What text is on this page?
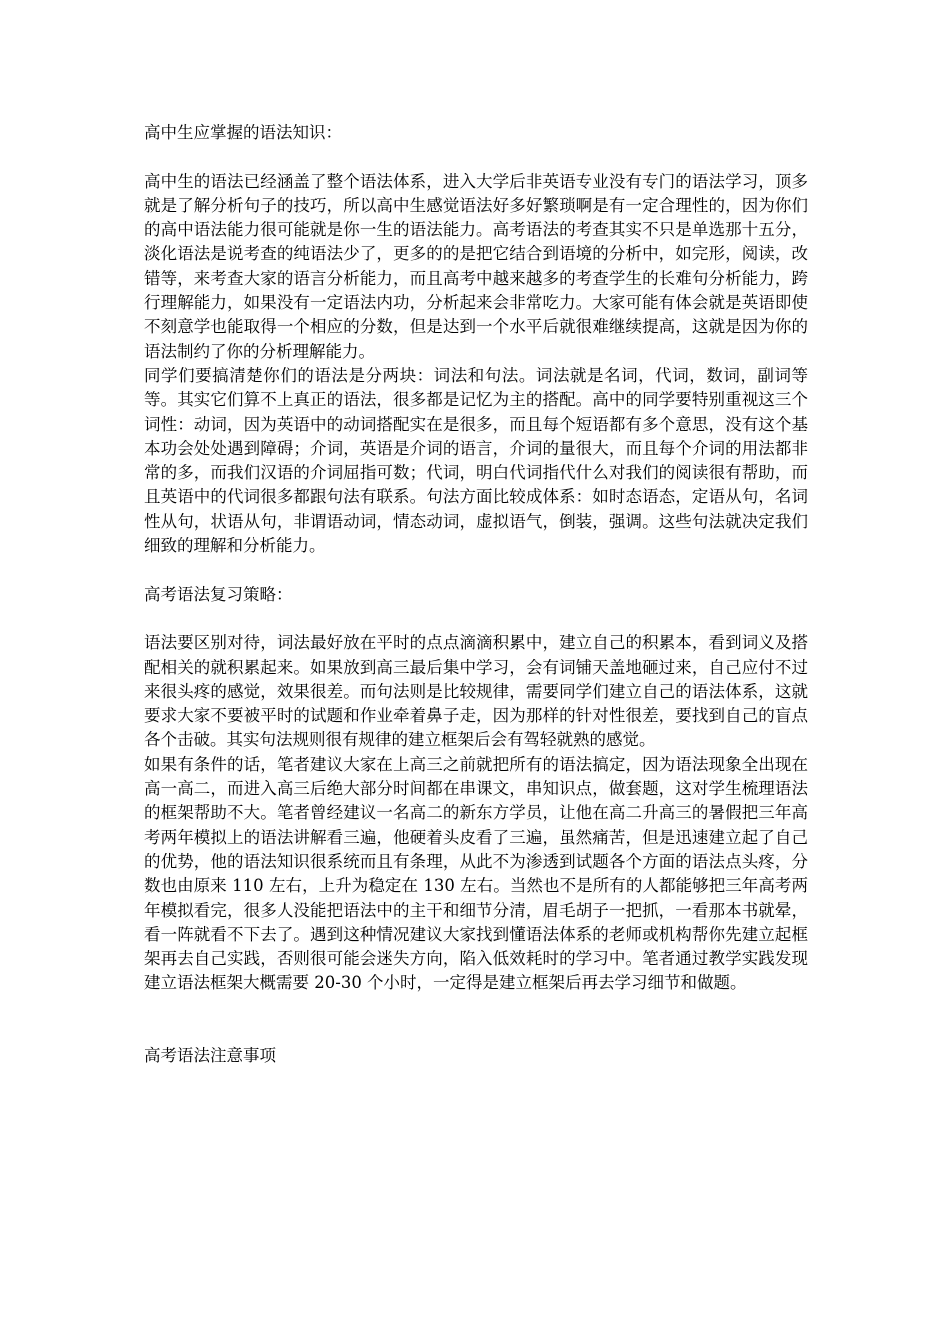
高中生应掌握的语法知识：

高中生的语法已经涵盖了整个语法体系，进入大学后非英语专业没有专门的语法学习，顶多就是了解分析句子的技巧，所以高中生感觉语法好多好繁琐啊是有一定合理性的，因为你们的高中语法能力很可能就是你一生的语法能力。高考语法的考查其实不只是单选那十五分，淡化语法是说考查的纯语法少了，更多的的是把它结合到语境的分析中，如完形，阅读，改错等，来考查大家的语言分析能力，而且高考中越来越多的考查学生的长难句分析能力，跨行理解能力，如果没有一定语法内功，分析起来会非常吃力。大家可能有体会就是英语即使不刻意学也能取得一个相应的分数，但是达到一个水平后就很难继续提高，这就是因为你的语法制约了你的分析理解能力。

同学们要搞清楚你们的语法是分两块：词法和句法。词法就是名词，代词，数词，副词等等。其实它们算不上真正的语法，很多都是记忆为主的搭配。高中的同学要特别重视这三个词性：动词，因为英语中的动词搭配实在是很多，而且每个短语都有多个意思，没有这个基本功会处处遇到障碍；介词，英语是介词的语言，介词的量很大，而且每个介词的用法都非常的多，而我们汉语的介词屈指可数；代词，明白代词指代什么对我们的阅读很有帮助，而且英语中的代词很多都跟句法有联系。句法方面比较成体系：如时态语态，定语从句，名词性从句，状语从句，非谓语动词，情态动词，虚拟语气，倒装，强调。这些句法就决定我们细致的理解和分析能力。

高考语法复习策略：

语法要区别对待，词法最好放在平时的点点滴滴积累中，建立自己的积累本，看到词义及搭配相关的就积累起来。如果放到高三最后集中学习，会有词铺天盖地砸过来，自己应付不过来很头疼的感觉，效果很差。而句法则是比较规律，需要同学们建立自己的语法体系，这就要求大家不要被平时的试题和作业牵着鼻子走，因为那样的针对性很差，要找到自己的盲点各个击破。其实句法规则很有规律的建立框架后会有驾轻就熟的感觉。

如果有条件的话，笔者建议大家在上高三之前就把所有的语法搞定，因为语法现象全出现在高一高二，而进入高三后绝大部分时间都在串课文，串知识点，做套题，这对学生梳理语法的框架帮助不大。笔者曾经建议一名高二的新东方学员，让他在高二升高三的暑假把三年高考两年模拟上的语法讲解看三遍，他硬着头皮看了三遍，虽然痛苦，但是迅速建立起了自己的优势，他的语法知识很系统而且有条理，从此不为渗透到试题各个方面的语法点头疼，分数也由原来 110 左右，上升为稳定在 130 左右。当然也不是所有的人都能够把三年高考两年模拟看完，很多人没能把语法中的主干和细节分清，眉毛胡子一把抓，一看那本书就晕，看一阵就看不下去了。遇到这种情况建议大家找到懂语法体系的老师或机构帮你先建立起框架再去自己实践，否则很可能会迷失方向，陷入低效耗时的学习中。笔者通过教学实践发现建立语法框架大概需要 20-30 个小时，一定得是建立框架后再去学习细节和做题。

高考语法注意事项
